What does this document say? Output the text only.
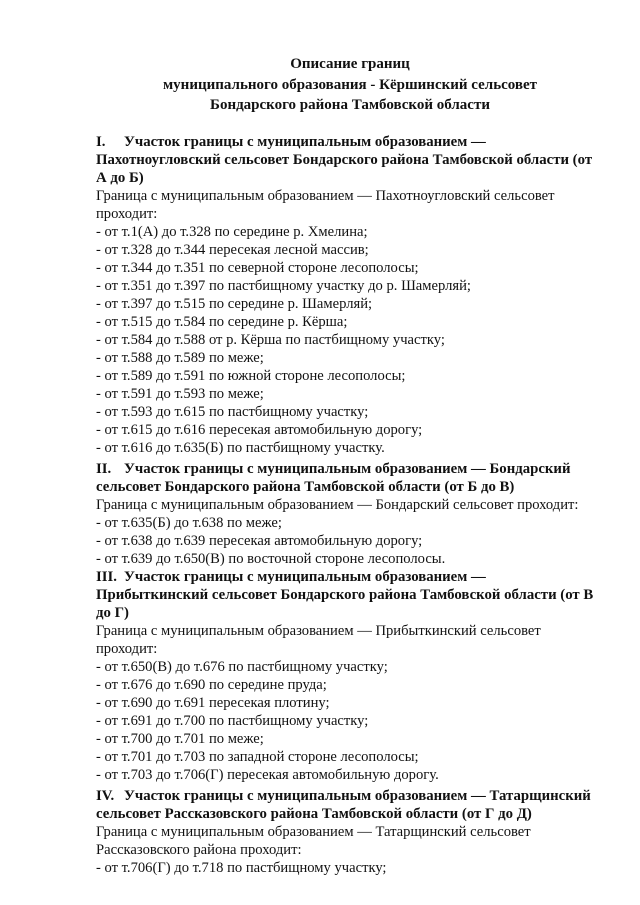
Описание границ
муниципального образования - Кёршинский сельсовет
Бондарского района Тамбовской области
I. Участок границы с муниципальным образованием —
Пахотноугловский сельсовет Бондарского района Тамбовской области (от
А до Б)
Граница с муниципальным образованием — Пахотноугловский сельсовет
проходит:
- от т.1(А) до т.328 по середине р. Хмелина;
- от т.328 до т.344 пересекая лесной массив;
- от т.344 до т.351 по северной стороне лесополосы;
- от т.351 до т.397 по пастбищному участку до р. Шамерляй;
- от т.397 до т.515 по середине р. Шамерляй;
- от т.515 до т.584 по середине р. Кёрша;
- от т.584 до т.588 от р. Кёрша по пастбищному участку;
- от т.588 до т.589 по меже;
- от т.589 до т.591 по южной стороне лесополосы;
- от т.591 до т.593 по меже;
- от т.593 до т.615 по пастбищному участку;
- от т.615 до т.616 пересекая автомобильную дорогу;
- от т.616 до т.635(Б) по пастбищному участку.
II. Участок границы с муниципальным образованием — Бондарский
сельсовет Бондарского района Тамбовской области (от Б до В)
Граница с муниципальным образованием — Бондарский сельсовет проходит:
- от т.635(Б) до т.638 по меже;
- от т.638 до т.639 пересекая автомобильную дорогу;
- от т.639 до т.650(В) по восточной стороне лесополосы.
III. Участок границы с муниципальным образованием —
Прибыткинский сельсовет Бондарского района Тамбовской области (от В
до Г)
Граница с муниципальным образованием — Прибыткинский сельсовет
проходит:
- от т.650(В) до т.676 по пастбищному участку;
- от т.676 до т.690 по середине пруда;
- от т.690 до т.691 пересекая плотину;
- от т.691 до т.700 по пастбищному участку;
- от т.700 до т.701 по меже;
- от т.701 до т.703 по западной стороне лесополосы;
- от т.703 до т.706(Г) пересекая автомобильную дорогу.
IV. Участок границы с муниципальным образованием — Татарщинский
сельсовет Рассказовского района Тамбовской области (от Г до Д)
Граница с муниципальным образованием — Татарщинский сельсовет
Рассказовского района проходит:
- от т.706(Г) до т.718 по пастбищному участку;
